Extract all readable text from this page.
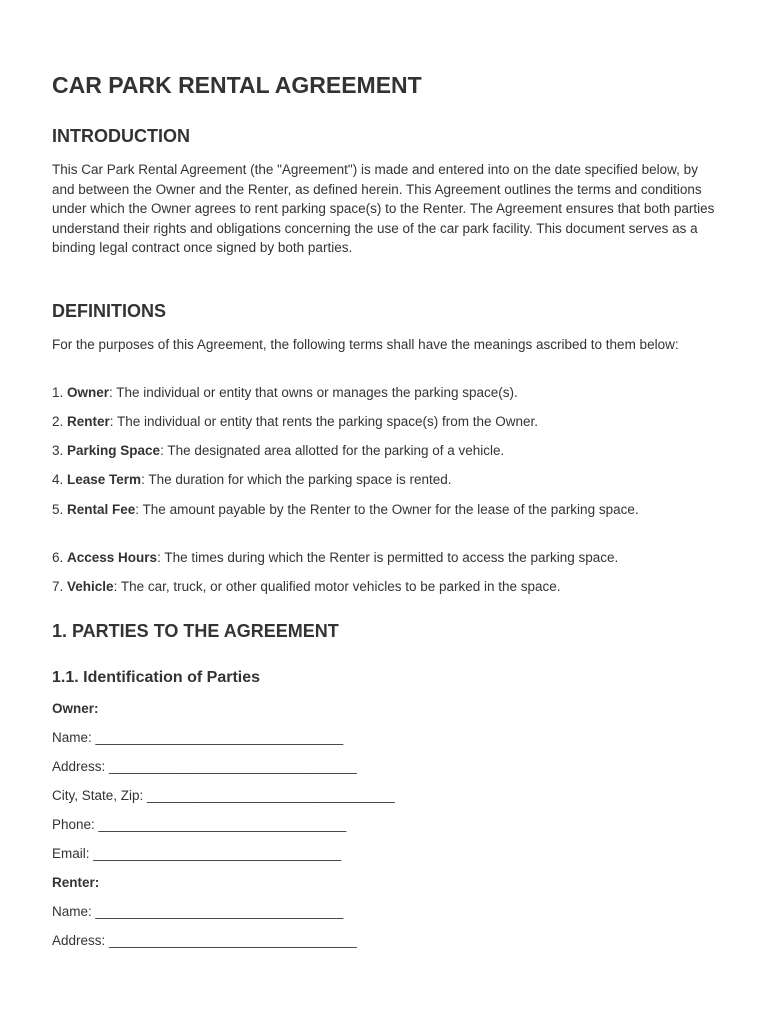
CAR PARK RENTAL AGREEMENT
INTRODUCTION
This Car Park Rental Agreement (the "Agreement") is made and entered into on the date specified below, by and between the Owner and the Renter, as defined herein. This Agreement outlines the terms and conditions under which the Owner agrees to rent parking space(s) to the Renter. The Agreement ensures that both parties understand their rights and obligations concerning the use of the car park facility. This document serves as a binding legal contract once signed by both parties.
DEFINITIONS
For the purposes of this Agreement, the following terms shall have the meanings ascribed to them below:
1. Owner: The individual or entity that owns or manages the parking space(s).
2. Renter: The individual or entity that rents the parking space(s) from the Owner.
3. Parking Space: The designated area allotted for the parking of a vehicle.
4. Lease Term: The duration for which the parking space is rented.
5. Rental Fee: The amount payable by the Renter to the Owner for the lease of the parking space.
6. Access Hours: The times during which the Renter is permitted to access the parking space.
7. Vehicle: The car, truck, or other qualified motor vehicles to be parked in the space.
1. PARTIES TO THE AGREEMENT
1.1. Identification of Parties
Owner:
Name: _________________________________
Address: _________________________________
City, State, Zip: _________________________________
Phone: _________________________________
Email: _________________________________
Renter:
Name: _________________________________
Address: _________________________________
